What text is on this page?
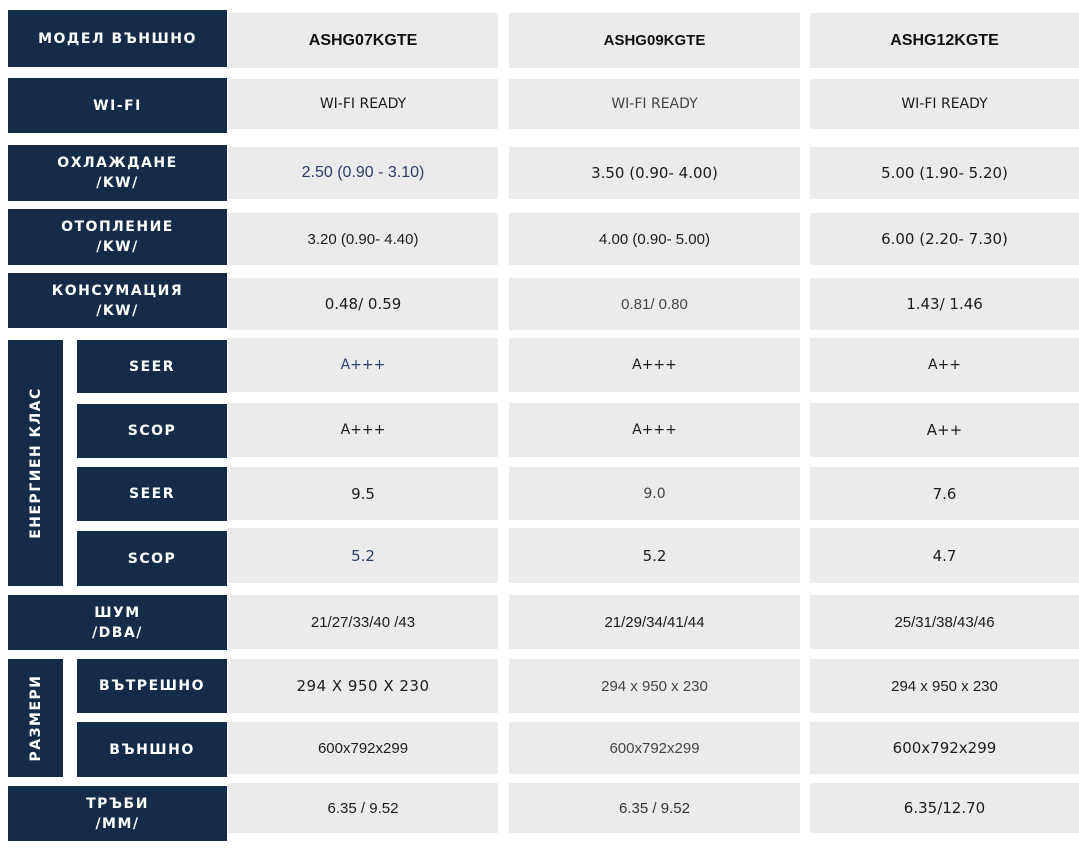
МОДЕЛ ВЪНШНО
WI-FI
ОХЛАЖДАНЕ
/KW/
ОТОПЛЕНИЕ
/KW/
КОНСУМАЦИЯ
/KW/
ЕНЕРГИЕН КЛАС
SEER
SCOP
SEER
SCOP
ШУМ
/DBA/
РАЗМЕРИ	ВЪТРЕШНО
ВЪНШНО
ТРЪБИ
/MM/
ASHG07KGTE
WI-FI READY
2.50 (0.90 - 3.10)
3.20 (0.90- 4.40)
0.48/ 0.59
A+++
A+++
9.5
5.2
21/27/33/40 /43
294 X 950 X 230
600x792x299
6.35 / 9.52
ASHG09KGTE
WI-FI READY
3.50 (0.90- 4.00)
4.00 (0.90- 5.00)
0.81/ 0.80
A+++
A+++
9.0
5.2
21/29/34/41/44
294 x 950 x 230
600x792x299
6.35 / 9.52
ASHG12KGTE
WI-FI READY
5.00 (1.90- 5.20)
6.00 (2.20- 7.30)
1.43/ 1.46
A++
A++
7.6
4.7
25/31/38/43/46
294 x 950 x 230
600x792x299
6.35/12.70
